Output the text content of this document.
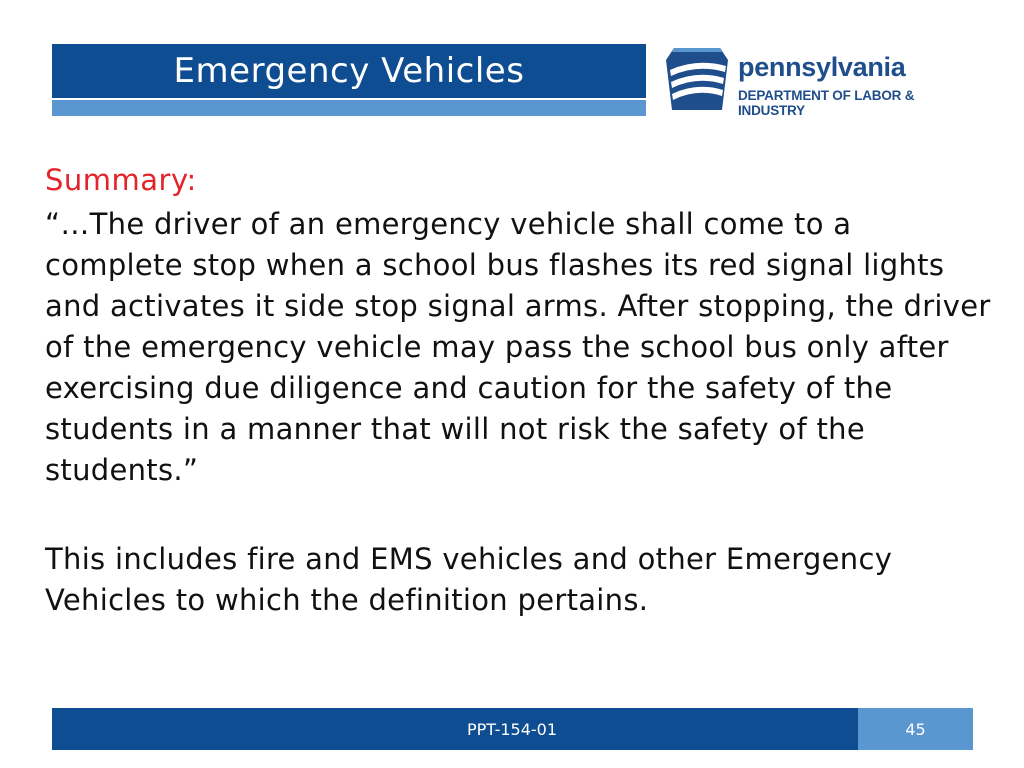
Emergency Vehicles	pennsylvania
DEPARTMENT OF LABOR & INDUSTRY

Summary:

“…The driver of an emergency vehicle shall come to a complete stop when a school bus flashes its red signal lights and activates it side stop signal arms. After stopping, the driver of the emergency vehicle may pass the school bus only after exercising due diligence and caution for the safety of the students in a manner that will not risk the safety of the students.”

This includes fire and EMS vehicles and other Emergency Vehicles to which the definition pertains.

PPT-154-01	45
